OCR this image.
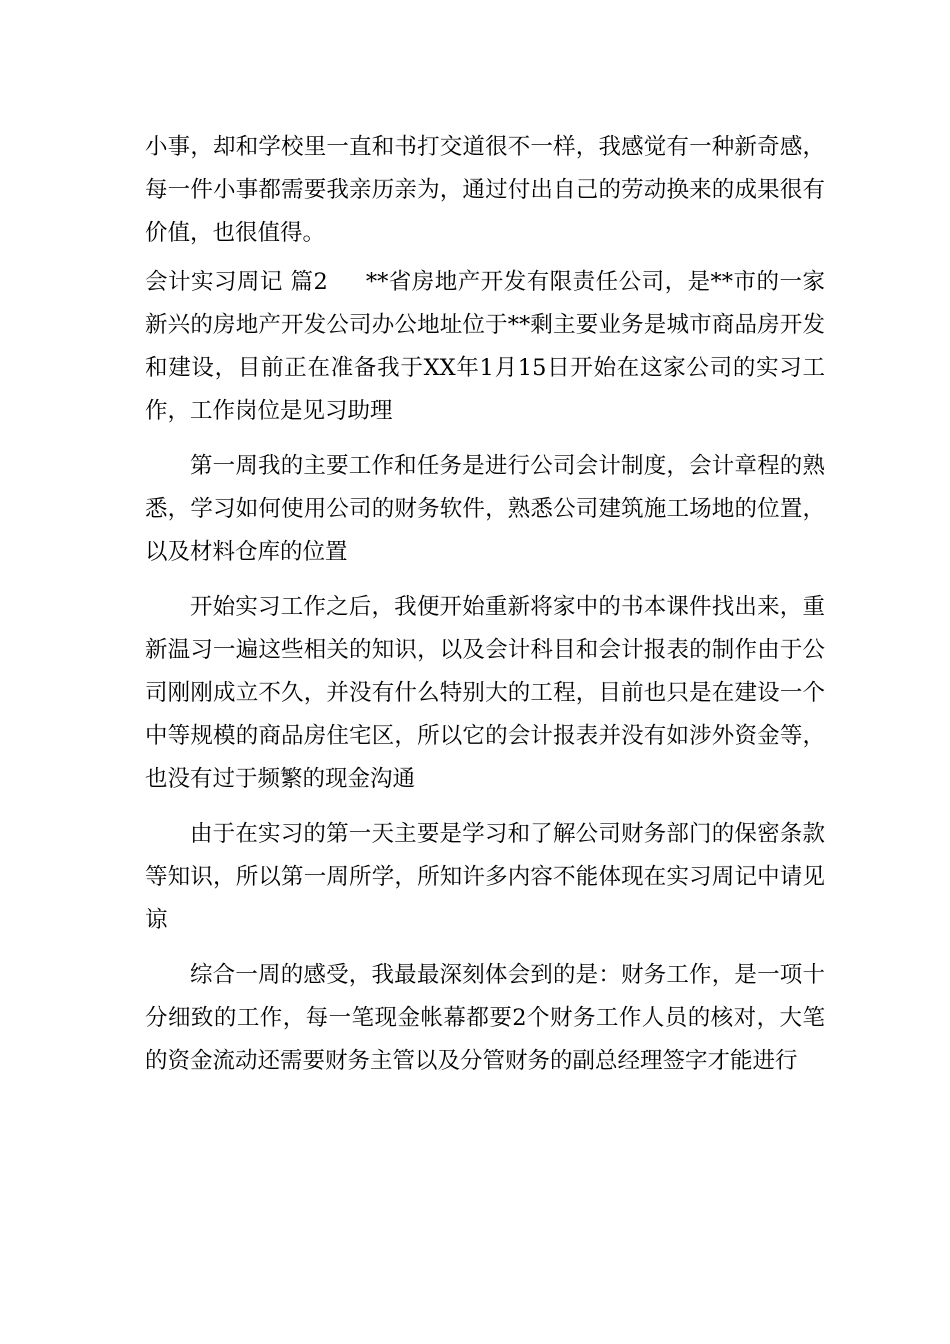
小事，却和学校里一直和书打交道很不一样，我感觉有一种新奇感，每一件小事都需要我亲历亲为，通过付出自己的劳动换来的成果很有价值，也很值得。

会计实习周记 篇2 **省房地产开发有限责任公司，是**市的一家新兴的房地产开发公司办公地址位于**剩主要业务是城市商品房开发和建设，目前正在准备我于XX年1月15日开始在这家公司的实习工作，工作岗位是见习助理

第一周我的主要工作和任务是进行公司会计制度，会计章程的熟悉，学习如何使用公司的财务软件，熟悉公司建筑施工场地的位置，以及材料仓库的位置

开始实习工作之后，我便开始重新将家中的书本课件找出来，重新温习一遍这些相关的知识，以及会计科目和会计报表的制作由于公司刚刚成立不久，并没有什么特别大的工程，目前也只是在建设一个中等规模的商品房住宅区，所以它的会计报表并没有如涉外资金等，也没有过于频繁的现金沟通

由于在实习的第一天主要是学习和了解公司财务部门的保密条款等知识，所以第一周所学，所知许多内容不能体现在实习周记中请见谅

综合一周的感受，我最最深刻体会到的是：财务工作，是一项十分细致的工作，每一笔现金帐幕都要2个财务工作人员的核对，大笔的资金流动还需要财务主管以及分管财务的副总经理签字才能进行
